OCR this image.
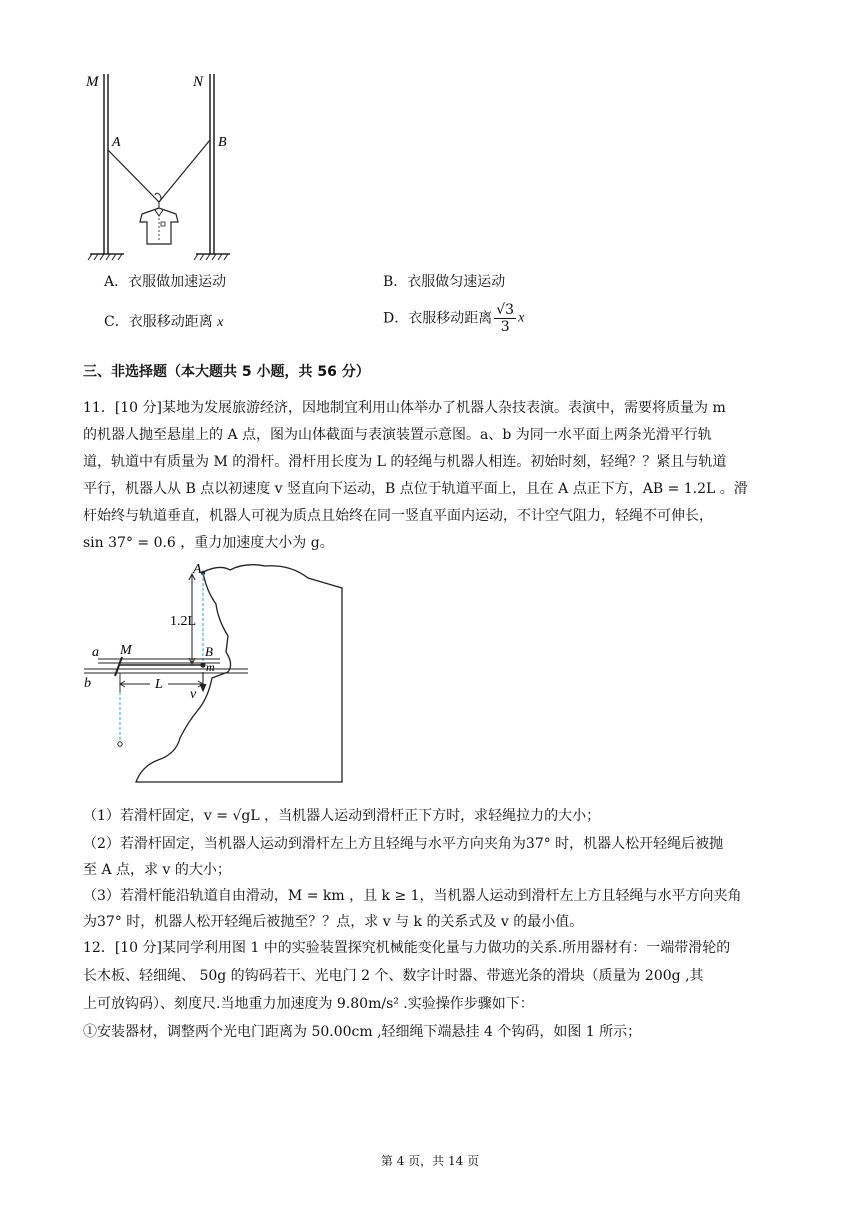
M	N
A	B
A．衣服做加速运动	B．衣服做匀速运动
C．衣服移动距离 x	D．衣服移动距离 $\frac{√3}{3}$ x
三、非选择题（本大题共 5 小题，共 56 分）
11．[10 分]某地为发展旅游经济，因地制宜利用山体举办了机器人杂技表演。表演中，需要将质量为 m
的机器人抛至悬崖上的 A 点，图为山体截面与表演装置示意图。a、b 为同一水平面上两条光滑平行轨
道，轨道中有质量为 M 的滑杆。滑杆用长度为 L 的轻绳与机器人相连。初始时刻，轻绳？？紧且与轨道
平行，机器人从 B 点以初速度 v 竖直向下运动，B 点位于轨道平面上，且在 A 点正下方，AB = 1.2L 。滑
杆始终与轨道垂直，机器人可视为质点且始终在同一竖直平面内运动，不计空气阻力，轻绳不可伸长，
sin 37° = 0.6 ，重力加速度大小为 g。
A
1.2L
a
b
M	B
m
v
L
（1）若滑杆固定，v = √gL ，当机器人运动到滑杆正下方时，求轻绳拉力的大小；
（2）若滑杆固定，当机器人运动到滑杆左上方且轻绳与水平方向夹角为37° 时，机器人松开轻绳后被抛
至 A 点，求 v 的大小；
（3）若滑杆能沿轨道自由滑动，M = km ，且 k ≥ 1，当机器人运动到滑杆左上方且轻绳与水平方向夹角
为37° 时，机器人松开轻绳后被抛至？？点，求 v 与 k 的关系式及 v 的最小值。
12．[10 分]某同学利用图 1 中的实验装置探究机械能变化量与力做功的关系.所用器材有：一端带滑轮的
长木板、轻细绳、 50g 的钩码若干、光电门 2 个、数字计时器、带遮光条的滑块（质量为 200g ,其
上可放钩码）、刻度尺.当地重力加速度为 9.80m/s² .实验操作步骤如下：
①安装器材，调整两个光电门距离为 50.00cm ,轻细绳下端悬挂 4 个钩码，如图 1 所示；
第 4 页，共 14 页
